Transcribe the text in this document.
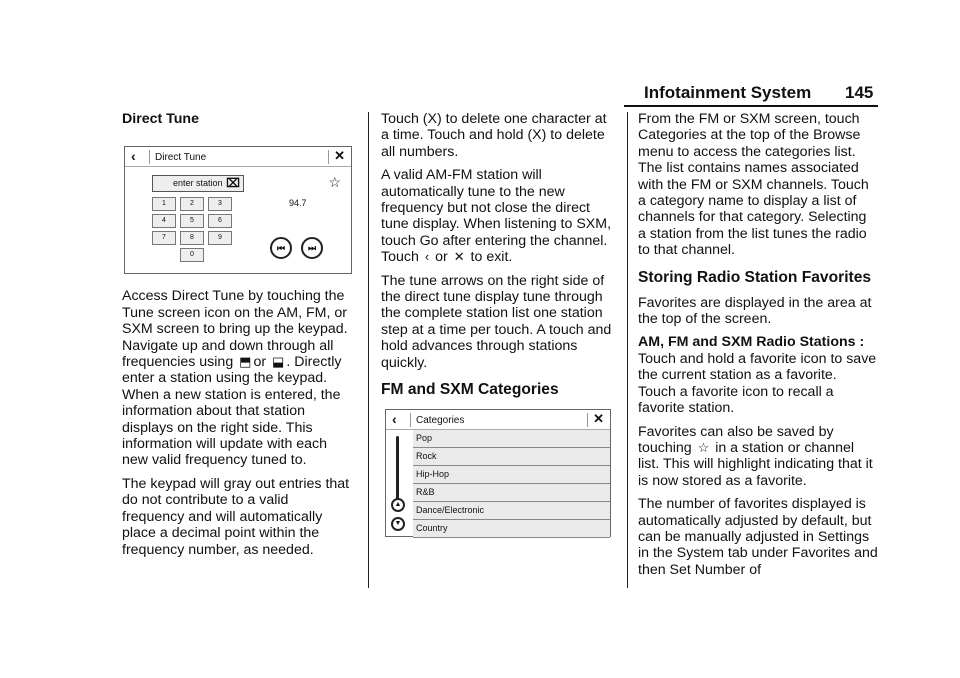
Infotainment System 145
Direct Tune
‹ Direct Tune	✕
enter station ⌧	☆
94.7
1	2	3
4	5	6
7	8	9
0
⏮	⏭

Access Direct Tune by touching the Tune screen icon on the AM, FM, or SXM screen to bring up the keypad. Navigate up and down through all frequencies using ⬒ or ⬓ . Directly enter a station using the keypad. When a new station is entered, the information about that station displays on the right side. This information will update with each new valid frequency tuned to.

The keypad will gray out entries that do not contribute to a valid frequency and will automatically place a decimal point within the frequency number, as needed.

Touch (X) to delete one character at a time. Touch and hold (X) to delete all numbers.

A valid AM-FM station will automatically tune to the new frequency but not close the direct tune display. When listening to SXM, touch Go after entering the channel. Touch ‹ or ✕ to exit.

The tune arrows on the right side of the direct tune display tune through the complete station list one station step at a time per touch. A touch and hold advances through stations quickly.

FM and SXM Categories
‹ Categories	✕
▲
▼
Pop
Rock
Hip-Hop
R&B
Dance/Electronic
Country

From the FM or SXM screen, touch Categories at the top of the Browse menu to access the categories list. The list contains names associated with the FM or SXM channels. Touch a category name to display a list of channels for that category. Selecting a station from the list tunes the radio to that channel.

Storing Radio Station Favorites

Favorites are displayed in the area at the top of the screen.

AM, FM and SXM Radio Stations : Touch and hold a favorite icon to save the current station as a favorite. Touch a favorite icon to recall a favorite station.

Favorites can also be saved by touching ☆ in a station or channel list. This will highlight indicating that it is now stored as a favorite.

The number of favorites displayed is automatically adjusted by default, but can be manually adjusted in Settings in the System tab under Favorites and then Set Number of
